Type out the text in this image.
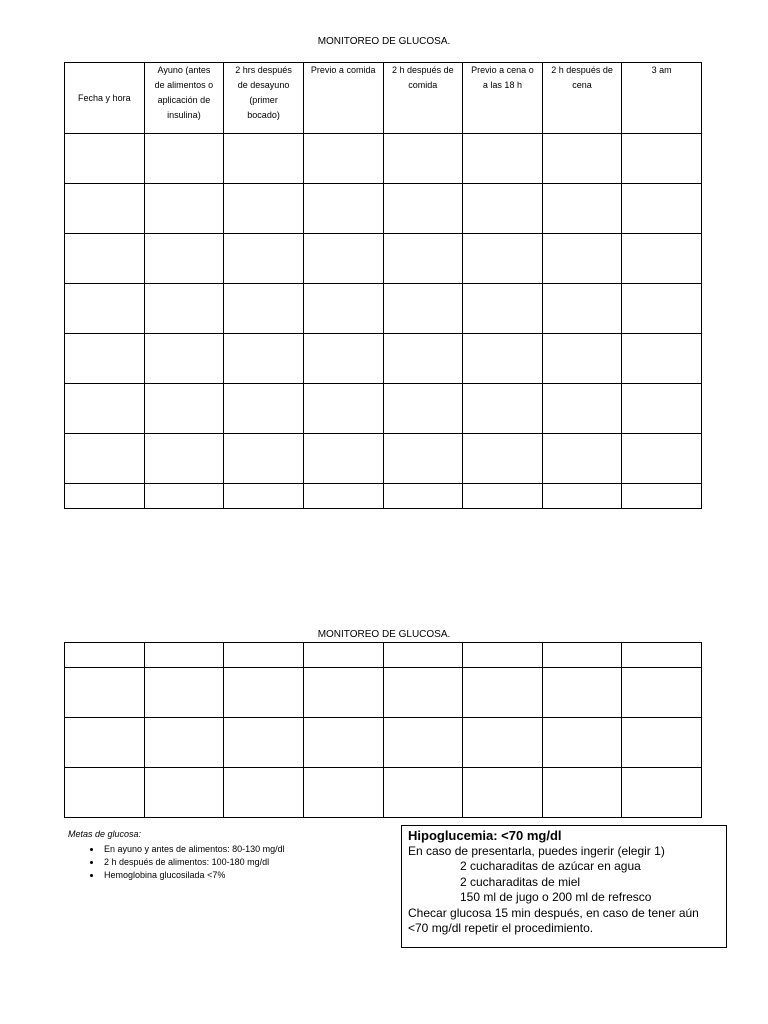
MONITOREO DE GLUCOSA.
Fecha y hora	Ayuno (antes
de alimentos o
aplicación de
insulina)	2 hrs después
de desayuno
(primer
bocado)	Previo a comida	2 h después de
comida	Previo a cena o
a las 18 h	2 h después de
cena	3 am

MONITOREO DE GLUCOSA.

Metas de glucosa:
• En ayuno y antes de alimentos: 80-130 mg/dl
• 2 h después de alimentos: 100-180 mg/dl
• Hemoglobina glucosilada <7%
Hipoglucemia: <70 mg/dl
En caso de presentarla, puedes ingerir (elegir 1)
2 cucharaditas de azúcar en agua
2 cucharaditas de miel
150 ml de jugo o 200 ml de refresco
Checar glucosa 15 min después, en caso de tener aún <70 mg/dl repetir el procedimiento.
